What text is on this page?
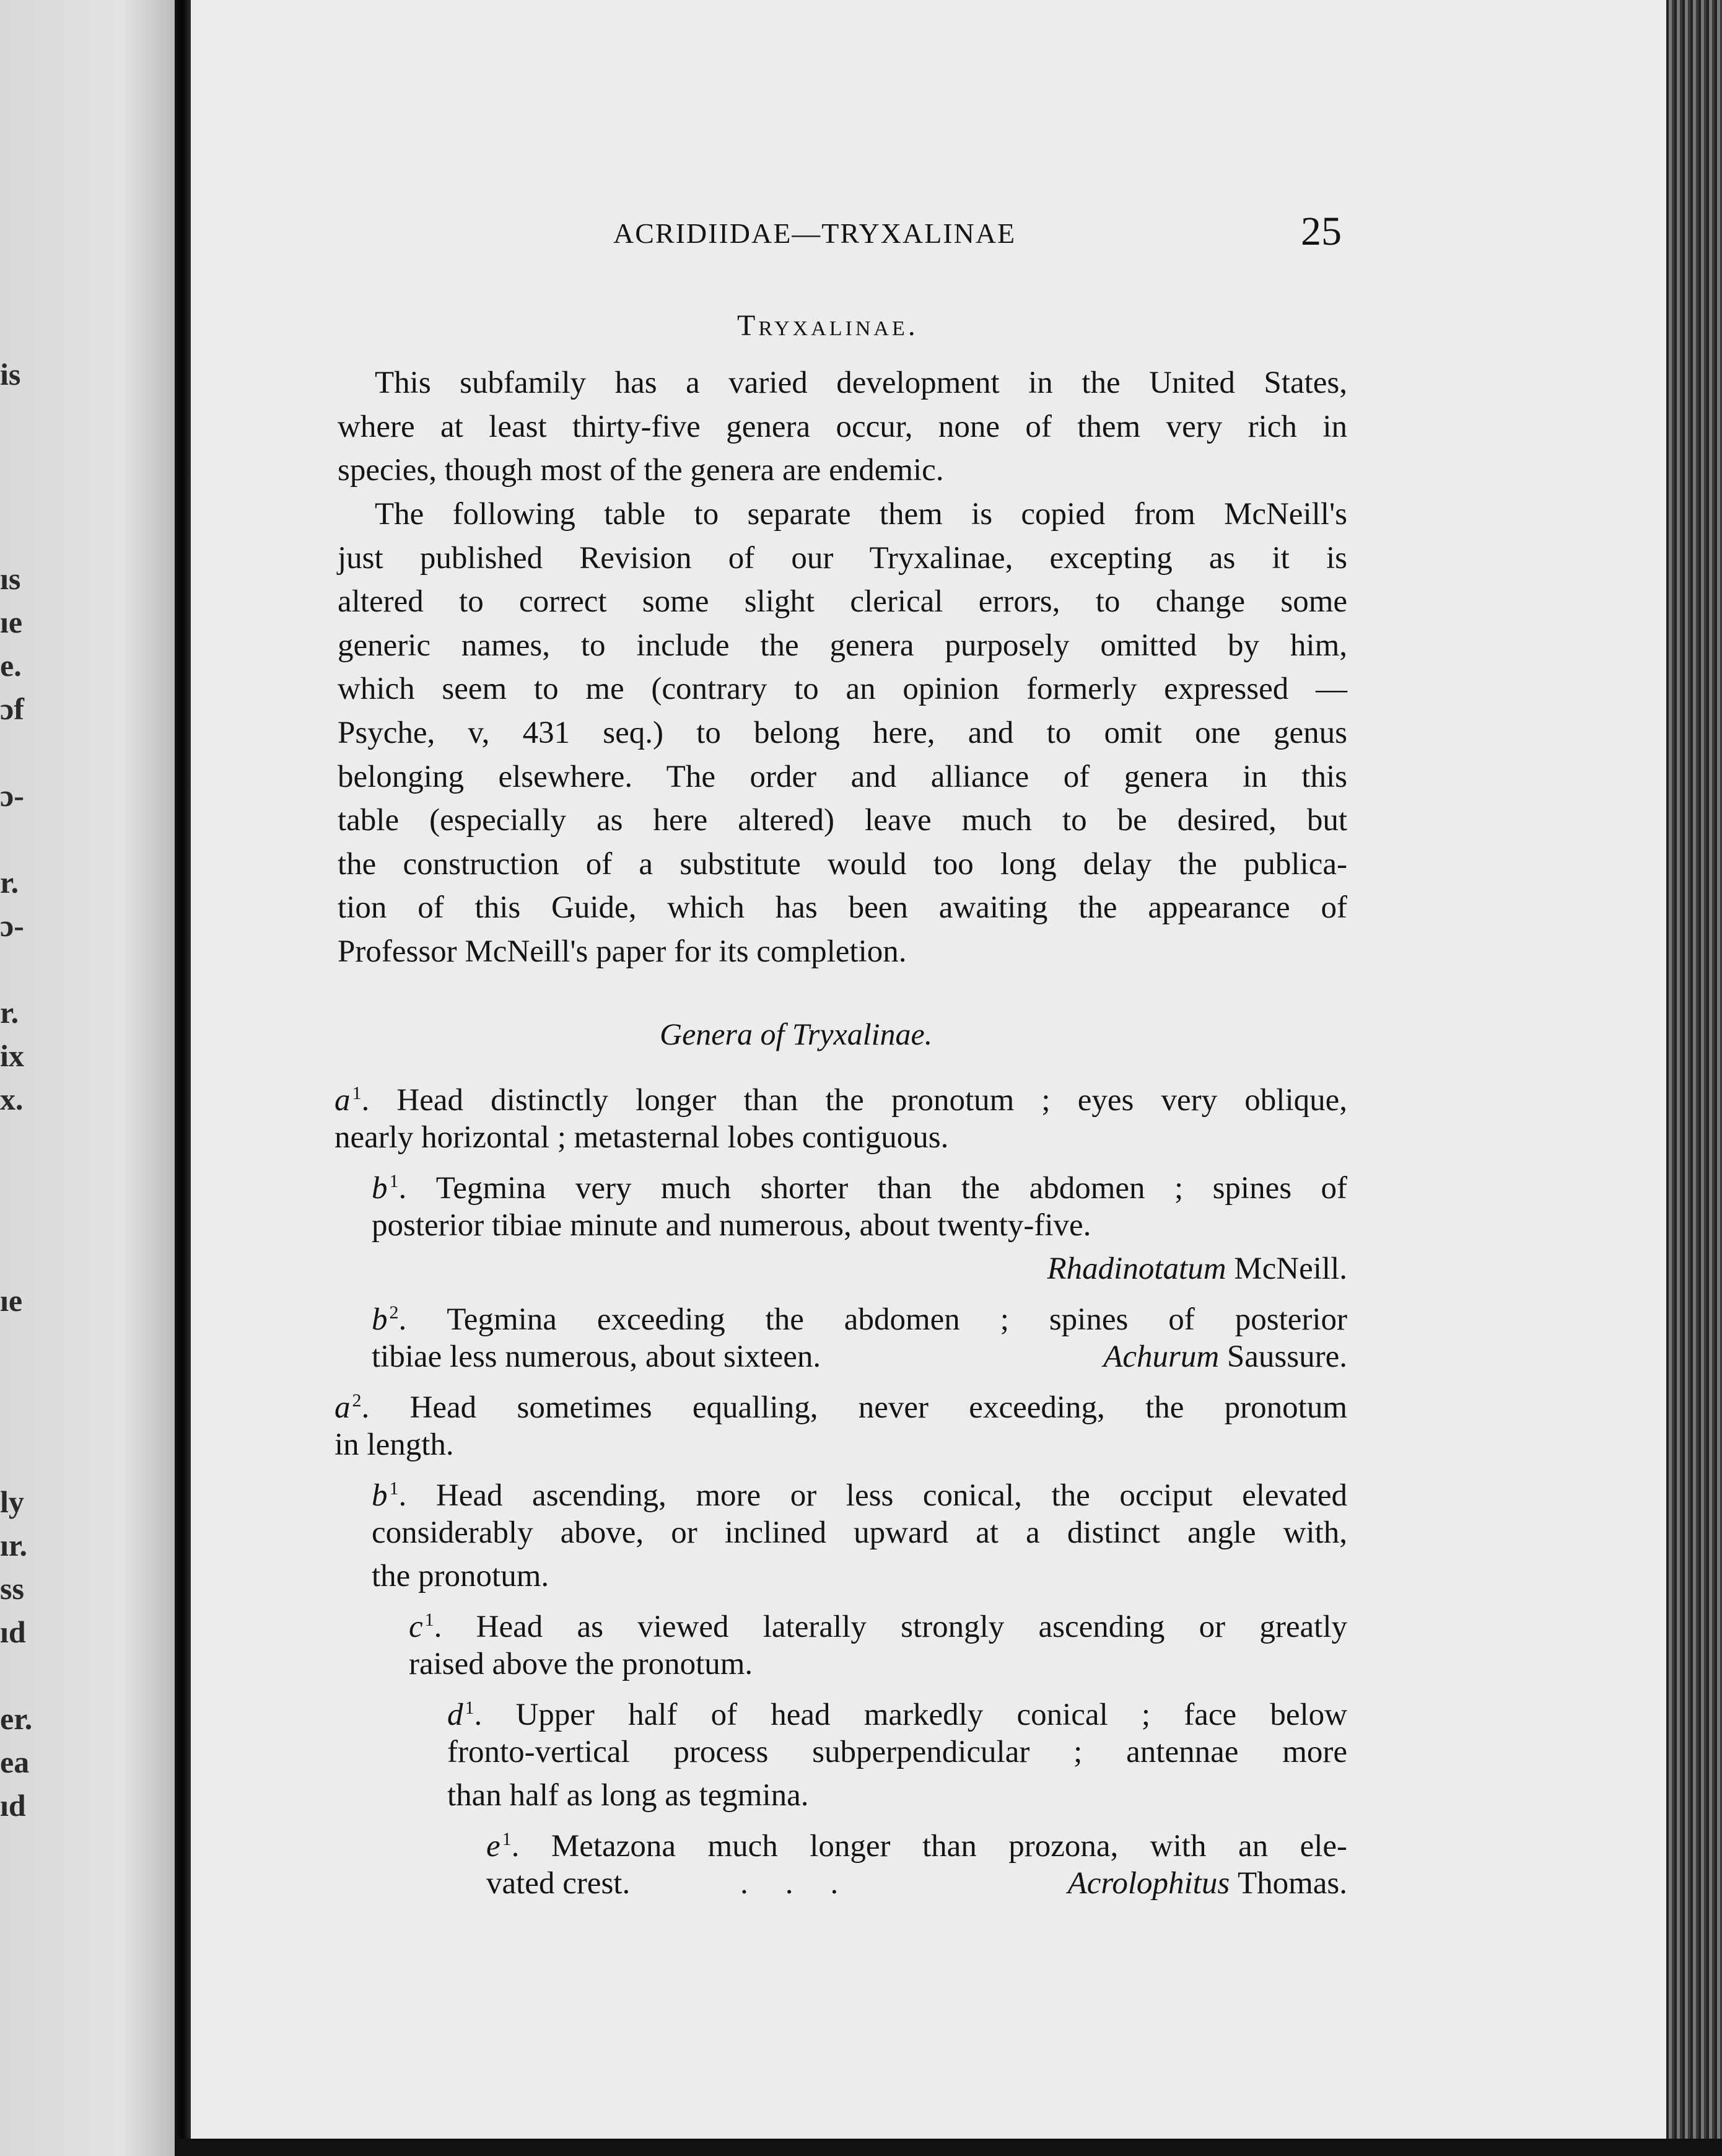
is
ıs
ıe
e.
ɔf
ɔ-
r.
ɔ-
r.
ix
x.
ıe
ly
ır.
ss
ıd
er.
ea
ıd
ACRIDIIDAE—TRYXALINAE	25
Tryxalinae.

This subfamily has a varied development in the United States,
where at least thirty-five genera occur, none of them very rich in
species, though most of the genera are endemic.

The following table to separate them is copied from McNeill's
just published Revision of our Tryxalinae, excepting as it is
altered to correct some slight clerical errors, to change some
generic names, to include the genera purposely omitted by him,
which seem to me (contrary to an opinion formerly expressed —
Psyche, v, 431 seq.) to belong here, and to omit one genus
belonging elsewhere. The order and alliance of genera in this
table (especially as here altered) leave much to be desired, but
the construction of a substitute would too long delay the publica-
tion of this Guide, which has been awaiting the appearance of
Professor McNeill's paper for its completion.

Genera of Tryxalinae.
a $^1$. Head distinctly longer than the pronotum ; eyes very oblique,
nearly horizontal ; metasternal lobes contiguous.
b $^1$. Tegmina very much shorter than the abdomen ; spines of
posterior tibiae minute and numerous, about twenty-five.
Rhadinotatum McNeill.
b $^2$. Tegmina exceeding the abdomen ; spines of posterior
tibiae less numerous, about sixteen.	Achurum Saussure.
a $^2$. Head sometimes equalling, never exceeding, the pronotum
in length.
b $^1$. Head ascending, more or less conical, the occiput elevated
considerably above, or inclined upward at a distinct angle with,
the pronotum.
c $^1$. Head as viewed laterally strongly ascending or greatly
raised above the pronotum.
d $^1$. Upper half of head markedly conical ; face below
fronto-vertical process subperpendicular ; antennae more
than half as long as tegmina.
e $^1$. Metazona much longer than prozona, with an ele-
vated crest.	...	Acrolophitus Thomas.
